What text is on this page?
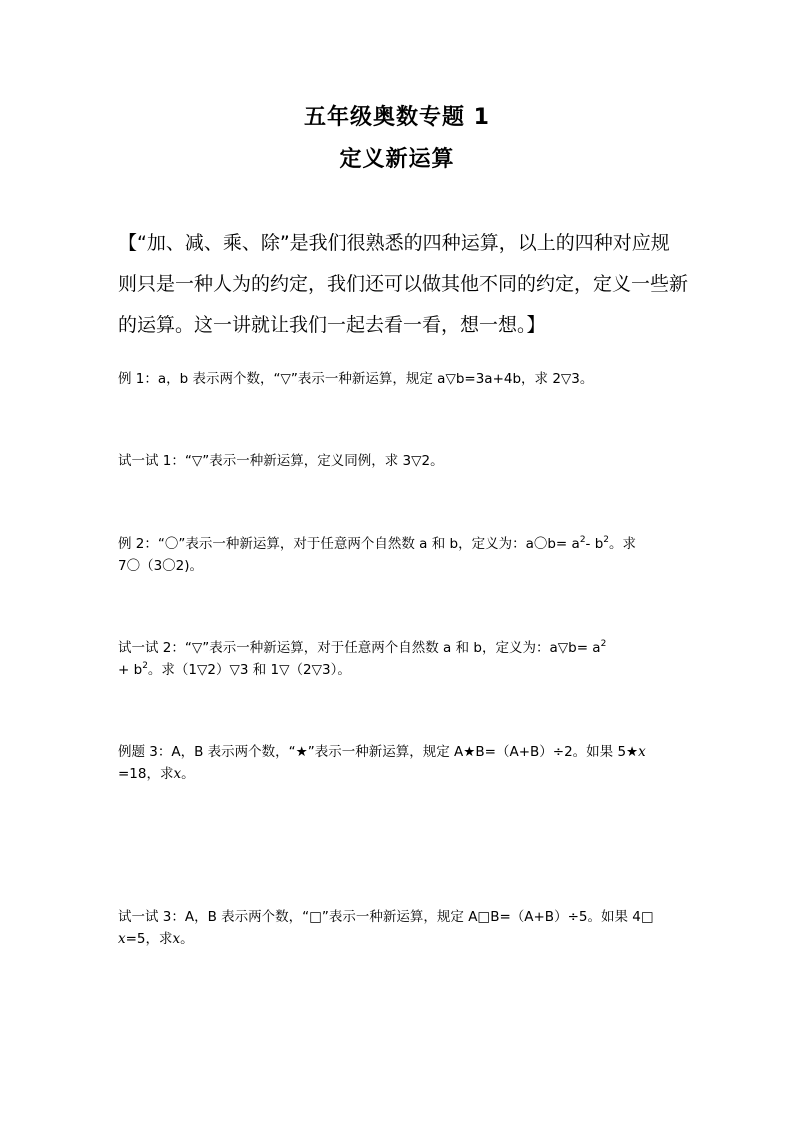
五年级奥数专题 1
定义新运算
【“加、减、乘、除”是我们很熟悉的四种运算，以上的四种对应规
则只是一种人为的约定，我们还可以做其他不同的约定，定义一些新
的运算。这一讲就让我们一起去看一看，想一想。】
例 1：a，b 表示两个数，“▽”表示一种新运算，规定 a▽b=3a+4b，求 2▽3。
试一试 1：“▽”表示一种新运算，定义同例，求 3▽2。
例 2：“〇”表示一种新运算，对于任意两个自然数 a 和 b，定义为：a〇$b= a^2-$ $b^2$。求
7〇（3〇2)。
试一试 2：“▽”表示一种新运算，对于任意两个自然数 a 和 b，定义为：a▽b= $a^2$
+ $b^2$。求（1▽2）▽3 和 1▽（2▽3）。
例题 3：A，B 表示两个数，“★”表示一种新运算，规定 A★B=（A+B）÷2。如果 5★x
=18，求x。
试一试 3：A，B 表示两个数，“□”表示一种新运算，规定 A□B=（A+B）÷5。如果 4□
x=5，求x。
